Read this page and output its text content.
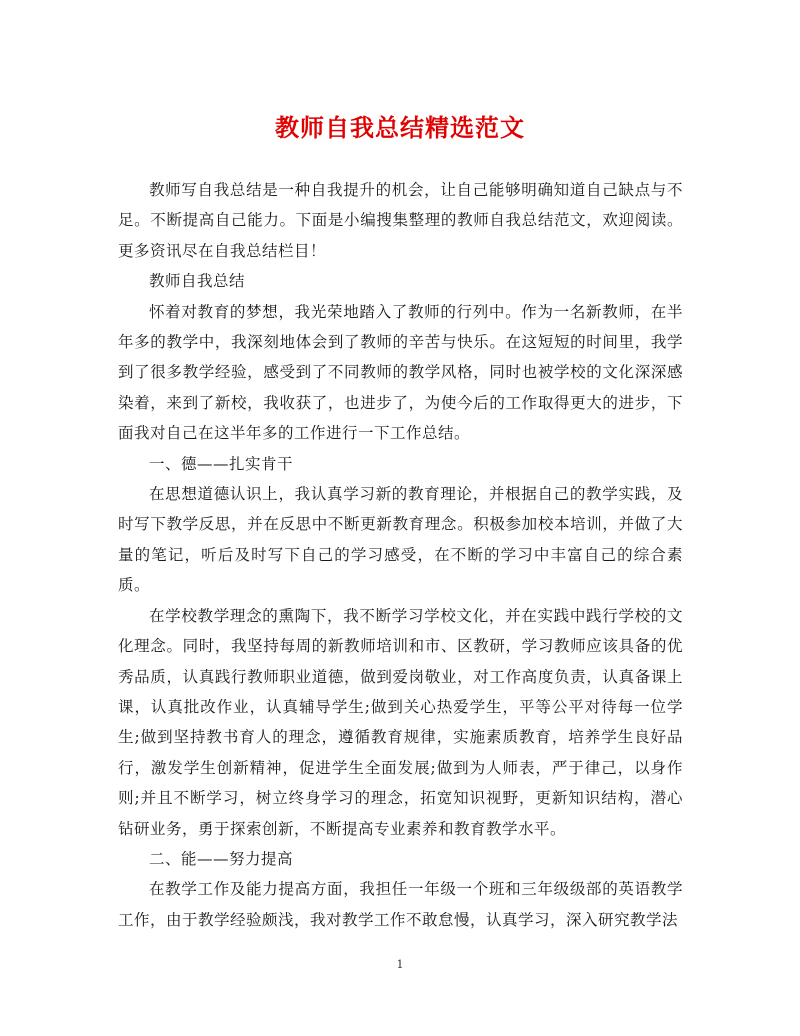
教师自我总结精选范文

教师写自我总结是一种自我提升的机会，让自己能够明确知道自己缺点与不足。不断提高自己能力。下面是小编搜集整理的教师自我总结范文，欢迎阅读。更多资讯尽在自我总结栏目！

教师自我总结

怀着对教育的梦想，我光荣地踏入了教师的行列中。作为一名新教师，在半年多的教学中，我深刻地体会到了教师的辛苦与快乐。在这短短的时间里，我学到了很多教学经验，感受到了不同教师的教学风格，同时也被学校的文化深深感染着，来到了新校，我收获了，也进步了，为使今后的工作取得更大的进步，下面我对自己在这半年多的工作进行一下工作总结。

一、德——扎实肯干

在思想道德认识上，我认真学习新的教育理论，并根据自己的教学实践，及时写下教学反思，并在反思中不断更新教育理念。积极参加校本培训，并做了大量的笔记，听后及时写下自己的学习感受，在不断的学习中丰富自己的综合素质。

在学校教学理念的熏陶下，我不断学习学校文化，并在实践中践行学校的文化理念。同时，我坚持每周的新教师培训和市、区教研，学习教师应该具备的优秀品质，认真践行教师职业道德，做到爱岗敬业，对工作高度负责，认真备课上课，认真批改作业，认真辅导学生;做到关心热爱学生，平等公平对待每一位学生;做到坚持教书育人的理念，遵循教育规律，实施素质教育，培养学生良好品行，激发学生创新精神，促进学生全面发展;做到为人师表，严于律己，以身作则;并且不断学习，树立终身学习的理念，拓宽知识视野，更新知识结构，潜心钻研业务，勇于探索创新，不断提高专业素养和教育教学水平。

二、能——努力提高

在教学工作及能力提高方面，我担任一年级一个班和三年级级部的英语教学工作，由于教学经验颇浅，我对教学工作不敢怠慢，认真学习，深入研究教学法

1
